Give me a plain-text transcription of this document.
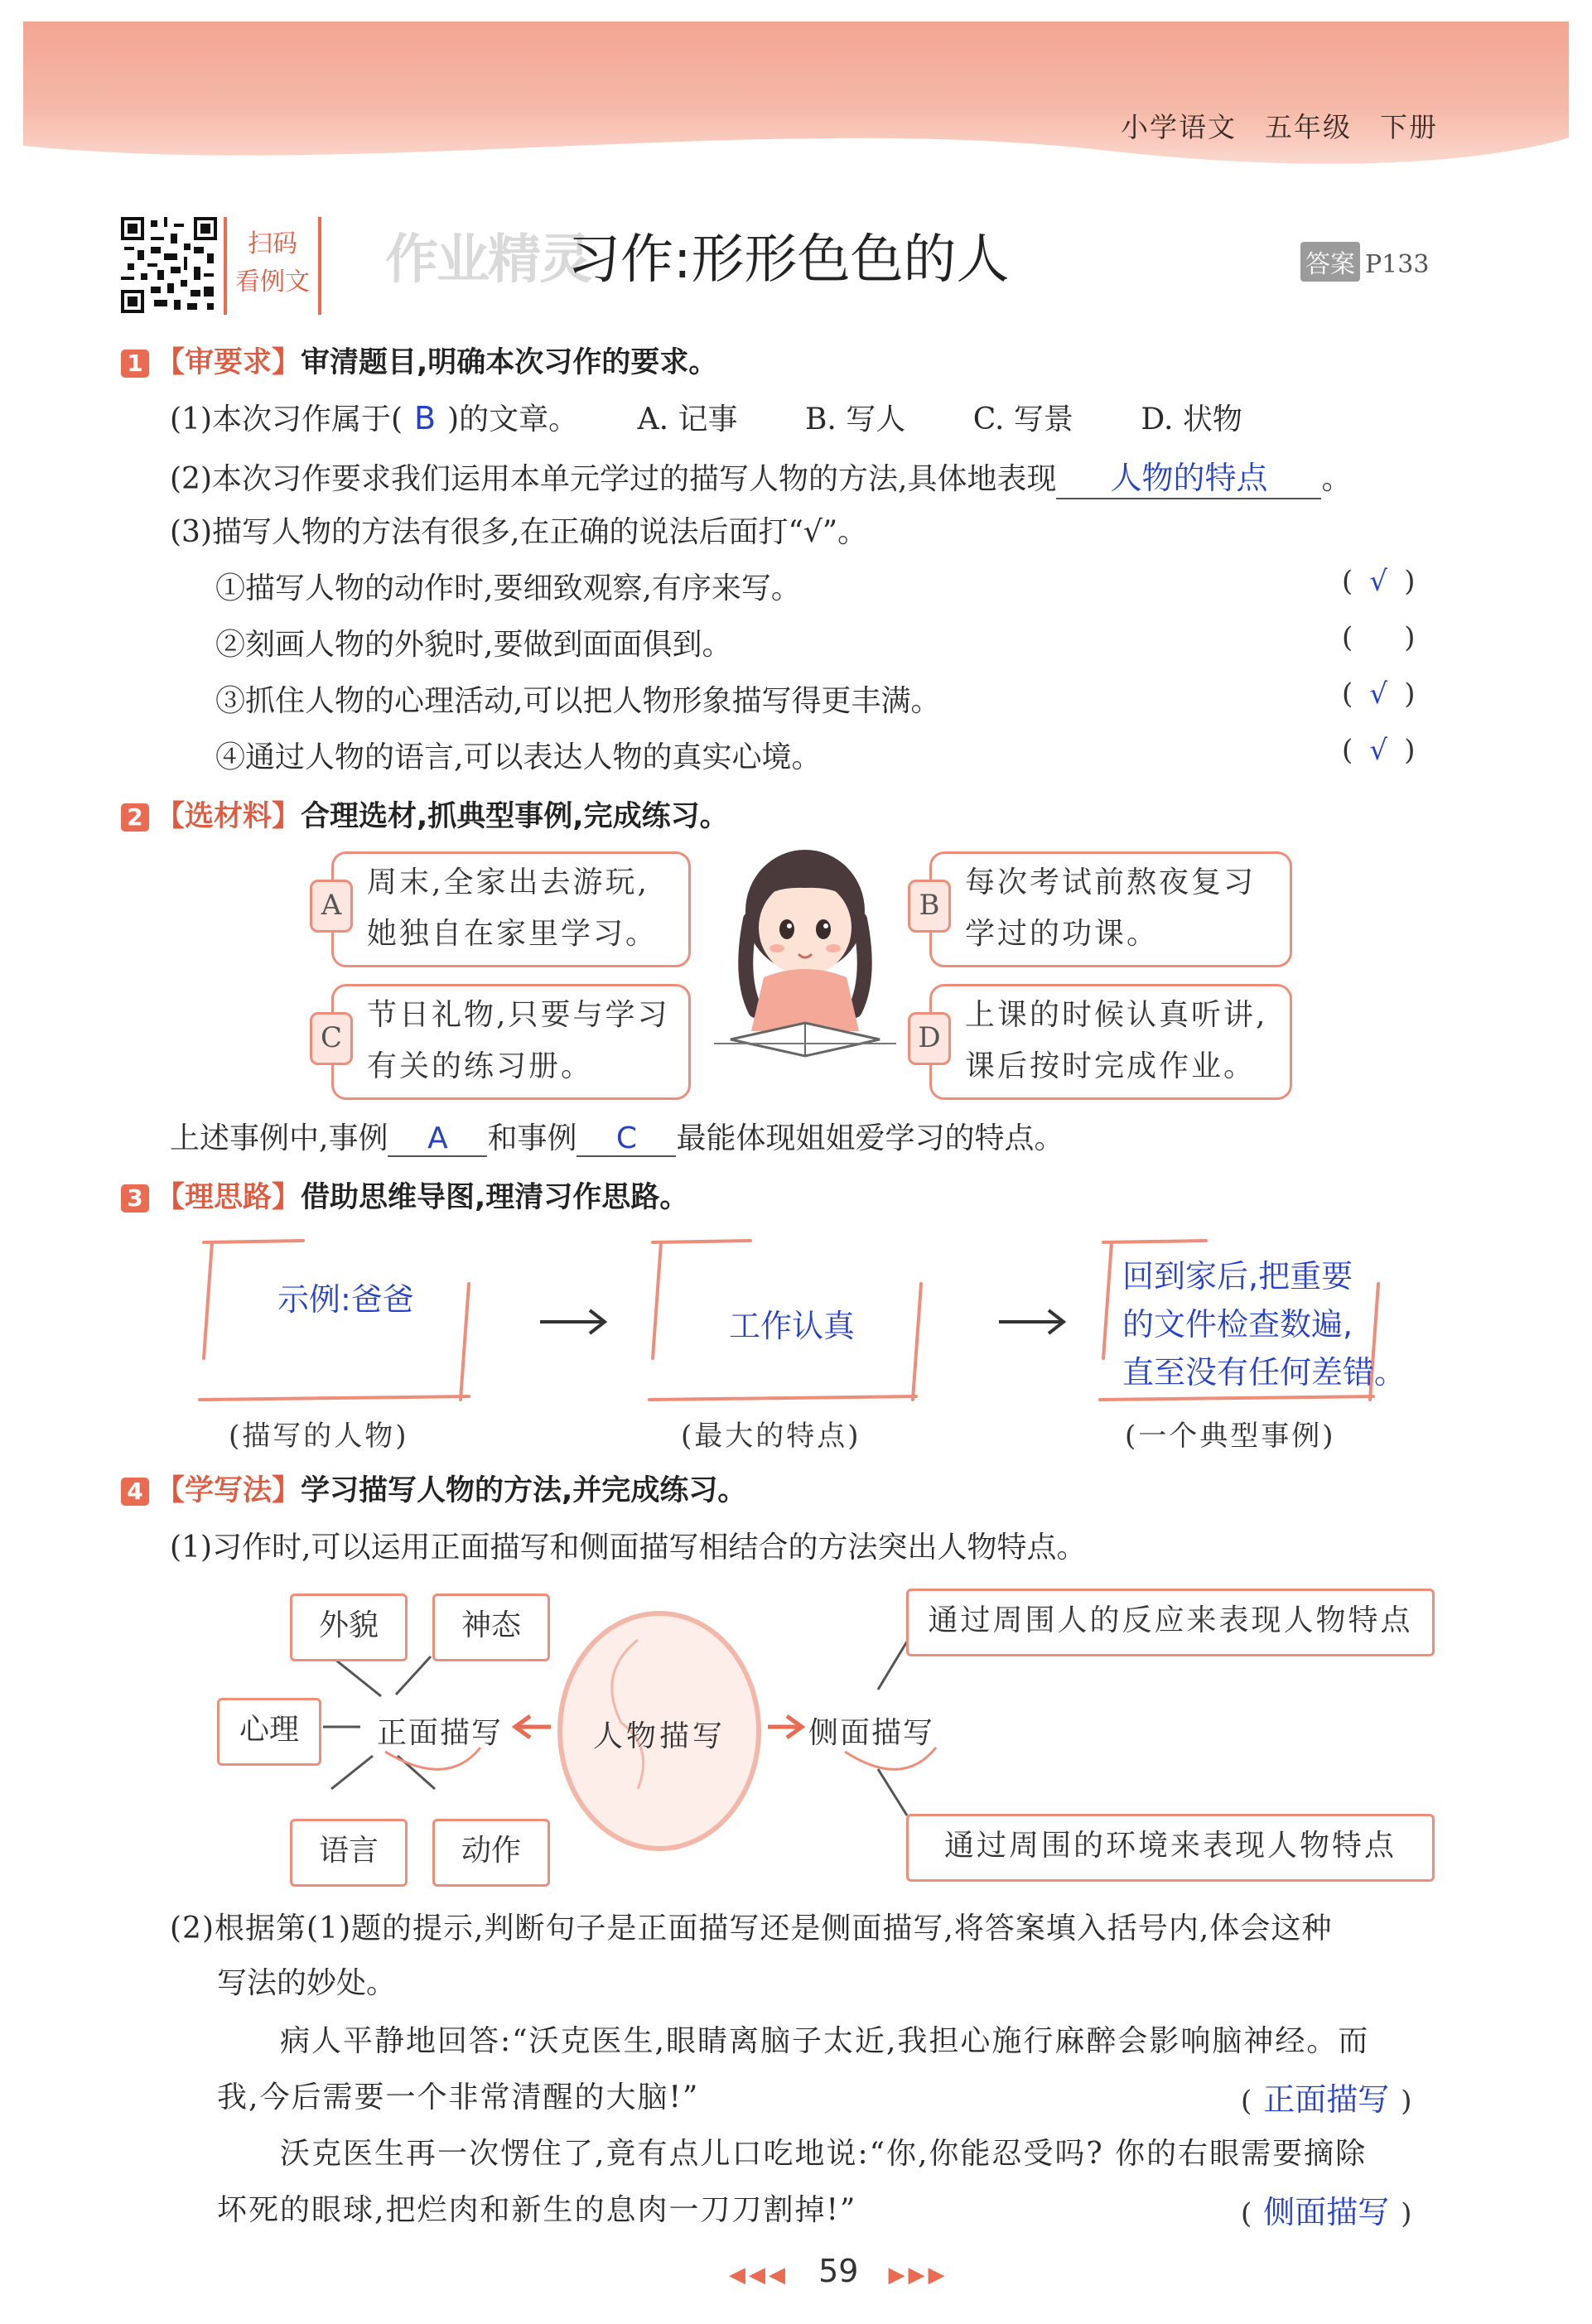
小学语文 五年级 下册
扫码
看例文 作业精灵
习作:形形色色的人	答案 P133
1 【审要求】审清题目,明确本次习作的要求。
(1)本次习作属于( B )的文章。 A. 记事 B. 写人 C. 写景 D. 状物
(2)本次习作要求我们运用本单元学过的描写人物的方法,具体地表现 人物的特点 。
(3)描写人物的方法有很多,在正确的说法后面打“√”。
①描写人物的动作时,要细致观察,有序来写。	( √ )
②刻画人物的外貌时,要做到面面俱到。	( )
③抓住人物的心理活动,可以把人物形象描写得更丰满。	( √ )
④通过人物的语言,可以表达人物的真实心境。	( √ )
2 【选材料】合理选材,抓典型事例,完成练习。
周末,全家出去游玩,
她独自在家里学习。
A
每次考试前熬夜复习
学过的功课。
B
节日礼物,只要与学习
有关的练习册。
C
上课的时候认真听讲,
课后按时完成作业。
D
上述事例中,事例 A 和事例 C 最能体现姐姐爱学习的特点。
3 【理思路】借助思维导图,理清习作思路。
示例:爸爸
工作认真
回到家后,把重要
的文件检查数遍,
直至没有任何差错。
(描写的人物)	(最大的特点)	(一个典型事例)
4 【学写法】学习描写人物的方法,并完成练习。
(1)习作时,可以运用正面描写和侧面描写相结合的方法突出人物特点。
外貌	神态
心理
语言	动作
正面描写	人物描写	侧面描写
通过周围人的反应来表现人物特点
通过周围的环境来表现人物特点
(2)根据第(1)题的提示,判断句子是正面描写还是侧面描写,将答案填入括号内,体会这种
写法的妙处。
病人平静地回答:“沃克医生,眼睛离脑子太近,我担心施行麻醉会影响脑神经。而
我,今后需要一个非常清醒的大脑!”	( 正面描写 )
沃克医生再一次愣住了,竟有点儿口吃地说:“你,你能忍受吗? 你的右眼需要摘除
坏死的眼球,把烂肉和新生的息肉一刀刀割掉!”	( 侧面描写 )
◀◀◀ 59 ▶▶▶
